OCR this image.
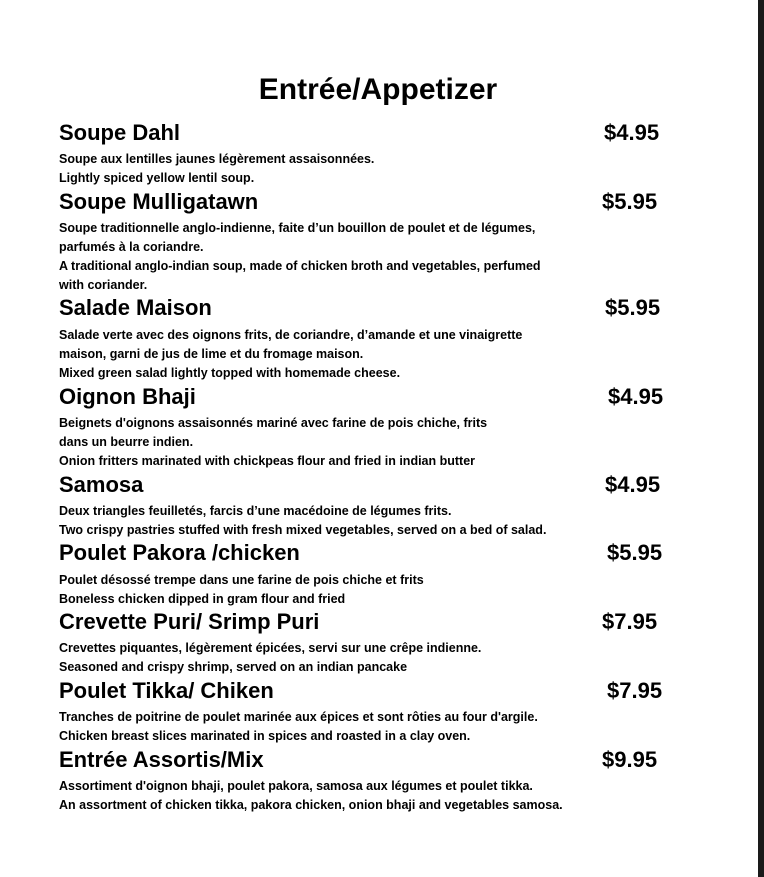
Entrée/Appetizer
Soupe Dahl	$4.95
Soupe aux lentilles jaunes légèrement assaisonnées.
Lightly spiced yellow lentil soup.
Soupe Mulligatawn	$5.95
Soupe traditionnelle anglo-indienne, faite d’un bouillon de poulet et de légumes,
parfumés à la coriandre.
A traditional anglo-indian soup, made of chicken broth and vegetables, perfumed
with coriander.
Salade Maison	$5.95
Salade verte avec des oignons frits, de coriandre, d’amande et une vinaigrette
maison, garni de jus de lime et du fromage maison.
Mixed green salad lightly topped with homemade cheese.
Oignon Bhaji	$4.95
Beignets d'oignons assaisonnés mariné avec farine de pois chiche, frits
dans un beurre indien.
Onion fritters marinated with chickpeas flour and fried in indian butter
Samosa	$4.95
Deux triangles feuilletés, farcis d’une macédoine de légumes frits.
Two crispy pastries stuffed with fresh mixed vegetables, served on a bed of salad.
Poulet Pakora /chicken	$5.95
Poulet désossé trempe dans une farine de pois chiche et frits
Boneless chicken dipped in gram flour and fried
Crevette Puri/ Srimp Puri	$7.95
Crevettes piquantes, légèrement épicées, servi sur une crêpe indienne.
Seasoned and crispy shrimp, served on an indian pancake
Poulet Tikka/ Chiken	$7.95
Tranches de poitrine de poulet marinée aux épices et sont rôties au four d'argile.
Chicken breast slices marinated in spices and roasted in a clay oven.
Entrée Assortis/Mix	$9.95
Assortiment d'oignon bhaji, poulet pakora, samosa aux légumes et poulet tikka.
An assortment of chicken tikka, pakora chicken, onion bhaji and vegetables samosa.
